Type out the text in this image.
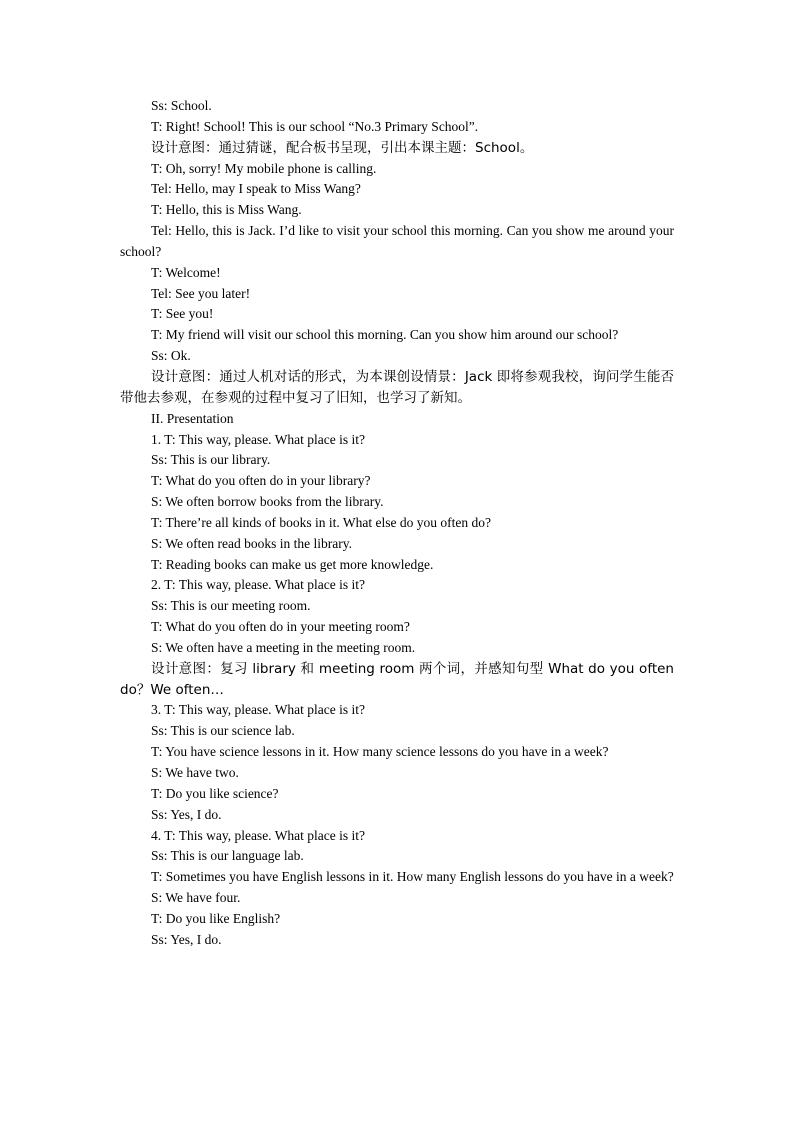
Ss: School.

T: Right! School! This is our school “No.3 Primary School”.

设计意图：通过猜谜，配合板书呈现，引出本课主题：School。

T: Oh, sorry! My mobile phone is calling.

Tel: Hello, may I speak to Miss Wang?

T: Hello, this is Miss Wang.

Tel: Hello, this is Jack. I’d like to visit your school this morning. Can you show me around your school?

T: Welcome!

Tel: See you later!

T: See you!

T: My friend will visit our school this morning. Can you show him around our school?

Ss: Ok.

设计意图：通过人机对话的形式，为本课创设情景：Jack 即将参观我校，询问学生能否带他去参观，在参观的过程中复习了旧知，也学习了新知。

II. Presentation

1. T: This way, please. What place is it?

Ss: This is our library.

T: What do you often do in your library?

S: We often borrow books from the library.

T: There’re all kinds of books in it. What else do you often do?

S: We often read books in the library.

T: Reading books can make us get more knowledge.

2. T: This way, please. What place is it?

Ss: This is our meeting room.

T: What do you often do in your meeting room?

S: We often have a meeting in the meeting room.

设计意图：复习 library 和 meeting room 两个词，并感知句型 What do you often do？We often…

3. T: This way, please. What place is it?

Ss: This is our science lab.

T: You have science lessons in it. How many science lessons do you have in a week?

S: We have two.

T: Do you like science?

Ss: Yes, I do.

4. T: This way, please. What place is it?

Ss: This is our language lab.

T: Sometimes you have English lessons in it. How many English lessons do you have in a week?

S: We have four.

T: Do you like English?

Ss: Yes, I do.
